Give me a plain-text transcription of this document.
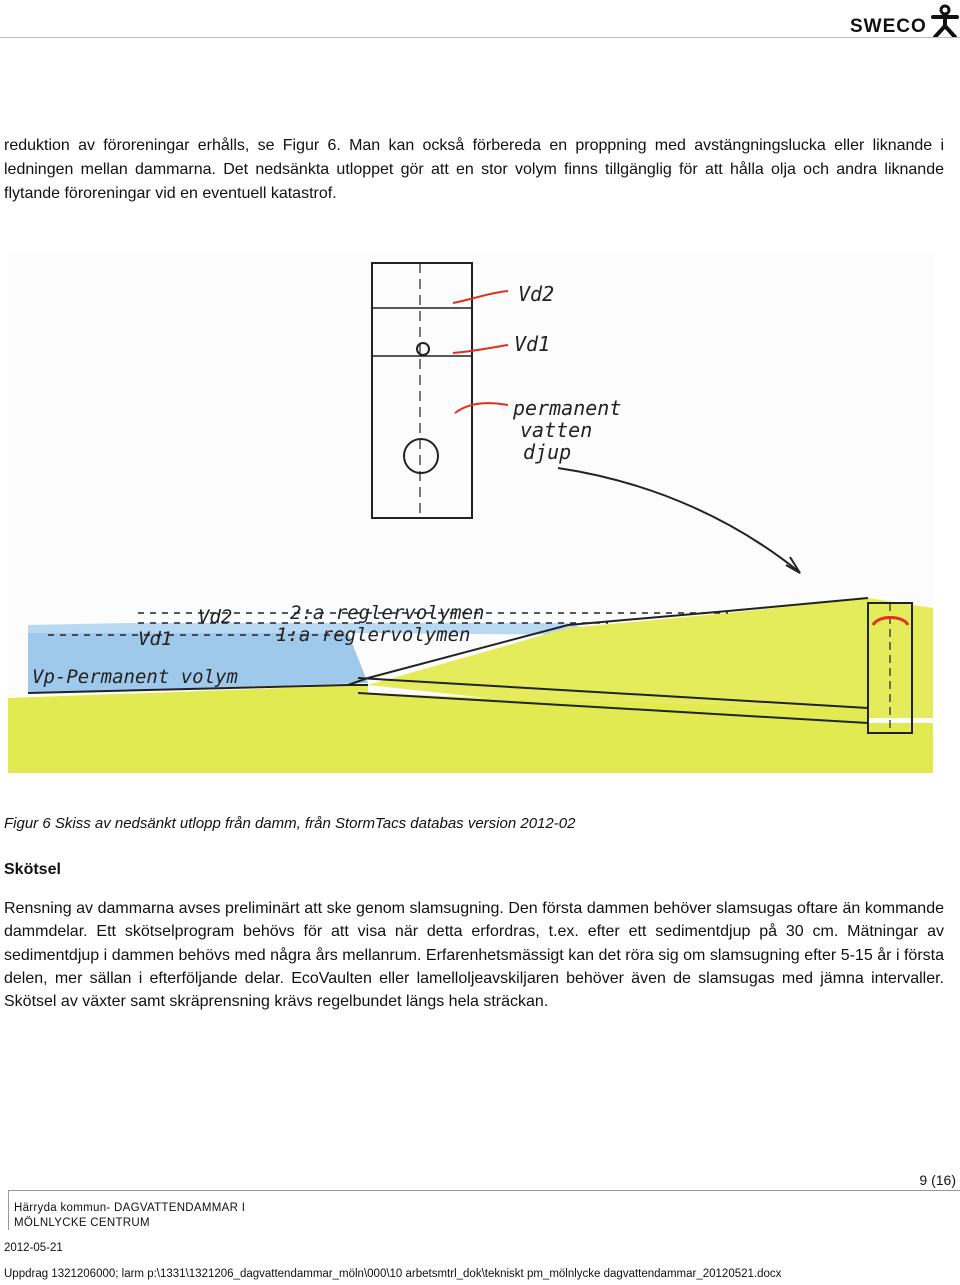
SWECO

reduktion av föroreningar erhålls, se Figur 6. Man kan också förbereda en proppning med avstängningslucka eller liknande i ledningen mellan dammarna. Det nedsänkta utloppet gör att en stor volym finns tillgänglig för att hålla olja och andra liknande flytande föroreningar vid en eventuell katastrof.

Vd2
Vd1
permanent
vatten
djup
2:a reglervolymen
1:a reglervolymen
Vd2
Vd1
Vp-Permanent volym

Figur 6 Skiss av nedsänkt utlopp från damm, från StormTacs databas version 2012-02

Skötsel

Rensning av dammarna avses preliminärt att ske genom slamsugning. Den första dammen behöver slamsugas oftare än kommande dammdelar. Ett skötselprogram behövs för att visa när detta erfordras, t.ex. efter ett sedimentdjup på 30 cm. Mätningar av sedimentdjup i dammen behövs med några års mellanrum. Erfarenhetsmässigt kan det röra sig om slamsugning efter 5-15 år i första delen, mer sällan i efterföljande delar. EcoVaulten eller lamelloljeavskiljaren behöver även de slamsugas med jämna intervaller. Skötsel av växter samt skräprensning krävs regelbundet längs hela sträckan.

9 (16)
Härryda kommun- DAGVATTENDAMMAR I
MÖLNLYCKE CENTRUM
2012-05-21
Uppdrag 1321206000; larm p:\1331\1321206_dagvattendammar_möln\000\10 arbetsmtrl_dok\tekniskt pm_mölnlycke dagvattendammar_20120521.docx
